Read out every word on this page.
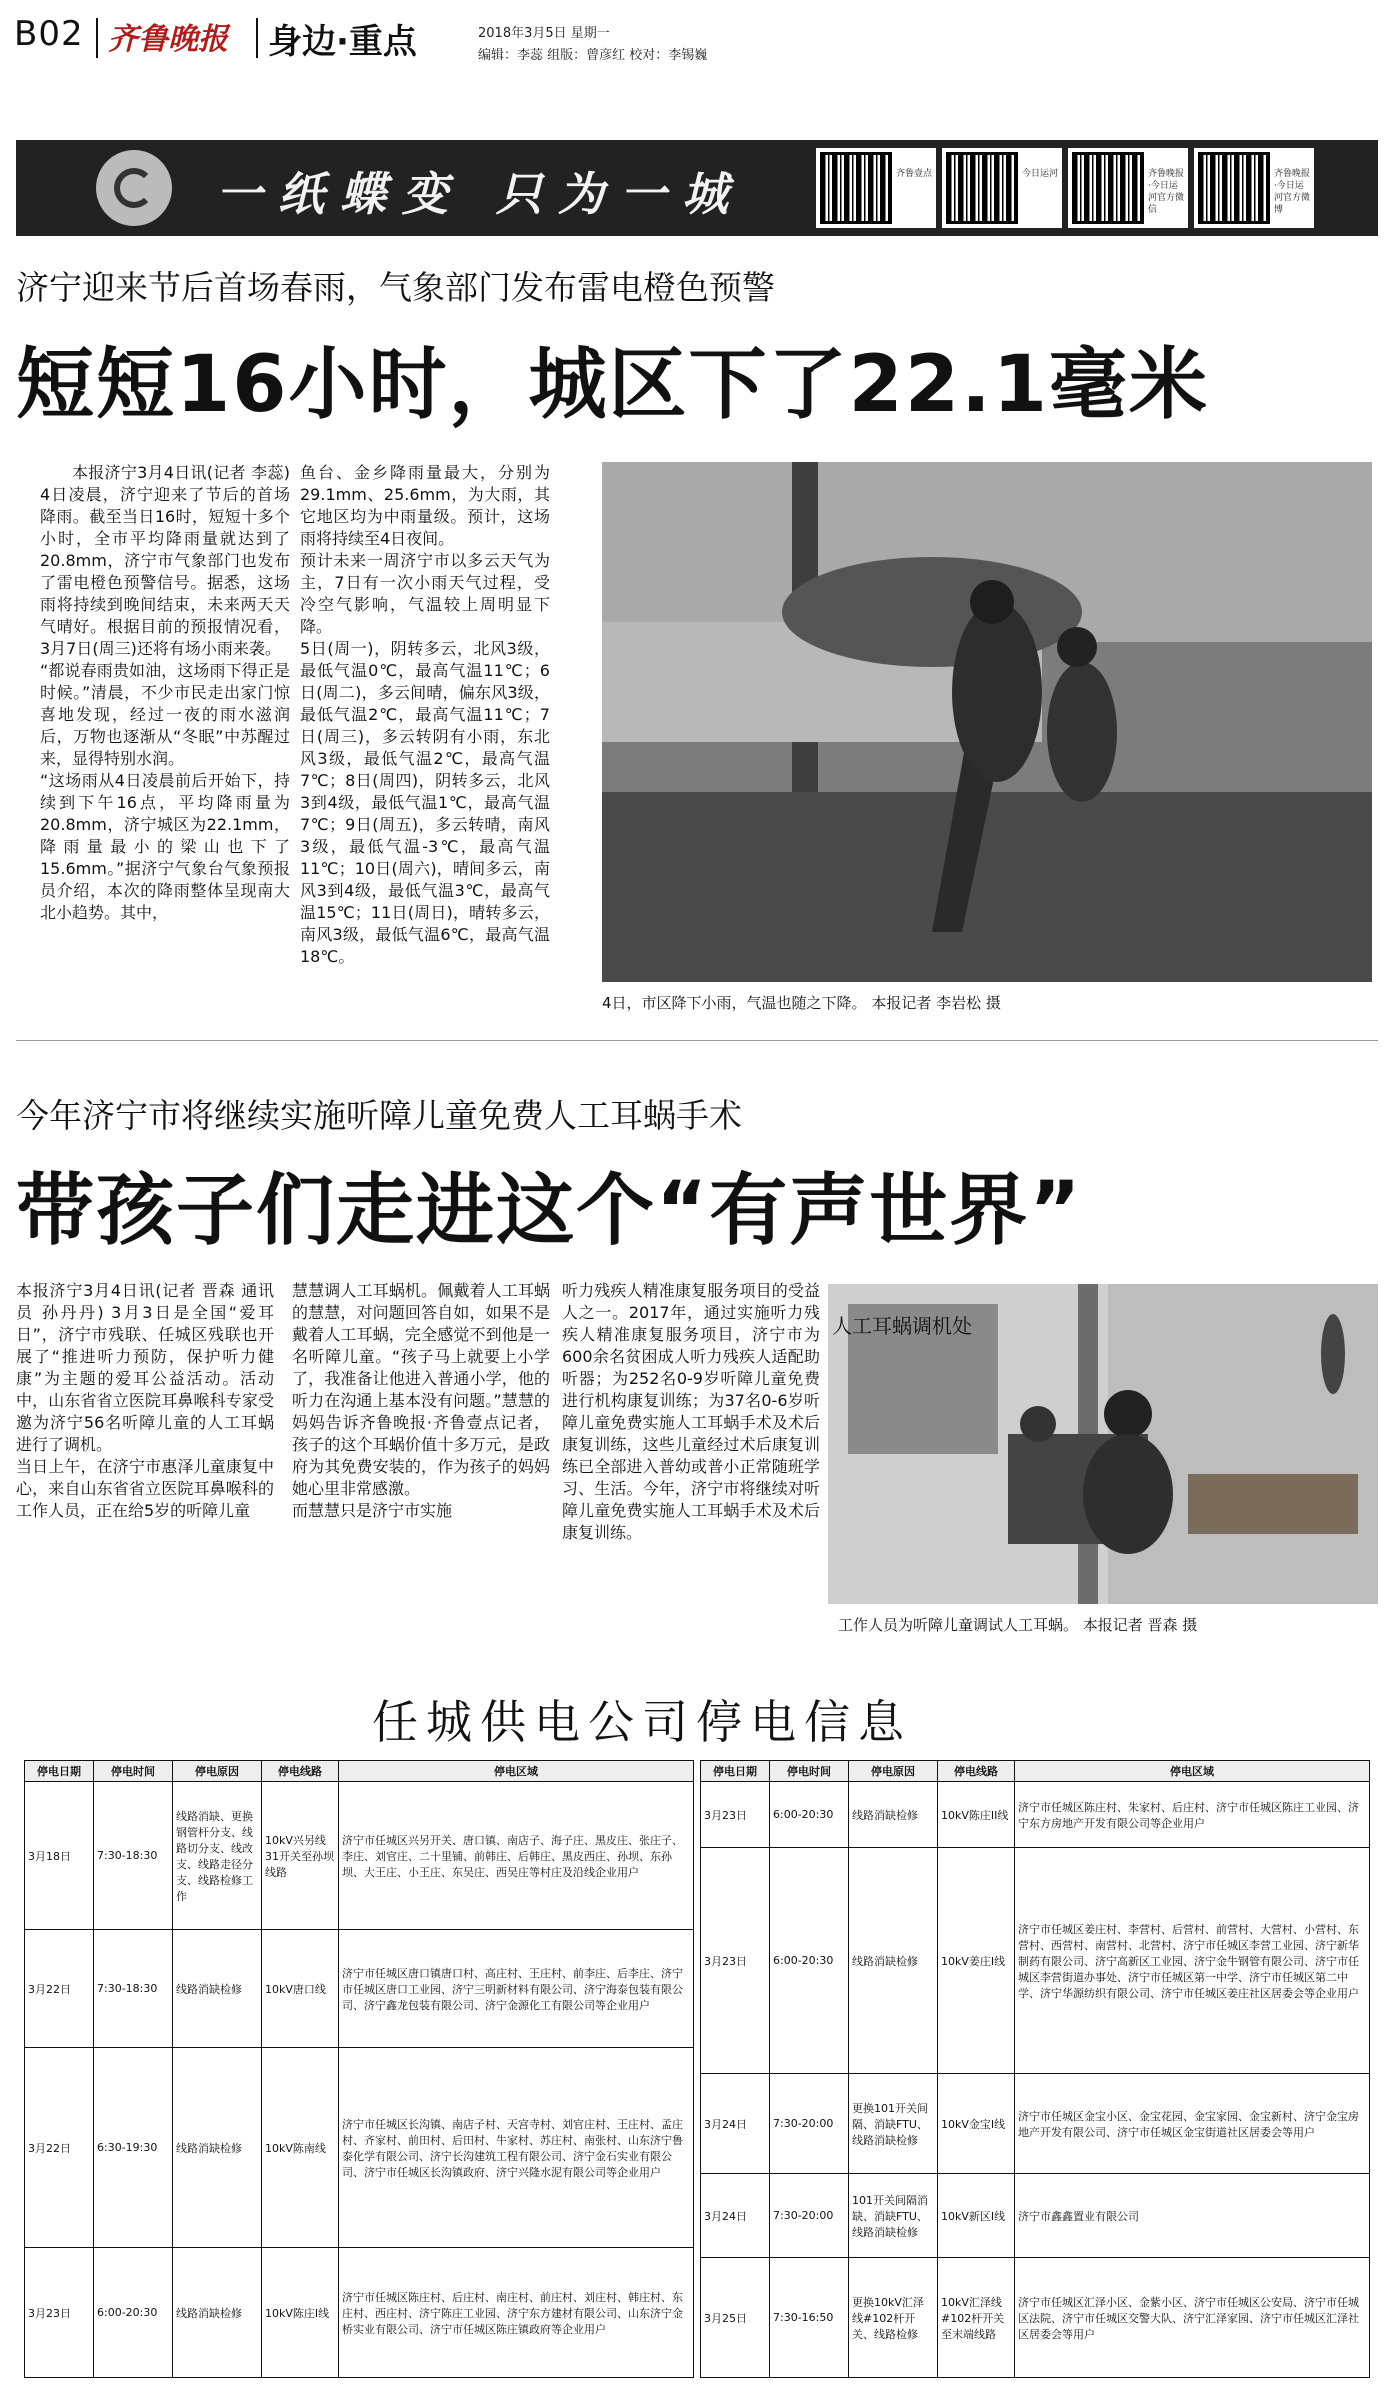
B02 齐鲁晚报 身边·重点	2018年3月5日 星期一
编辑：李蕊 组版：曾彦红 校对：李锡巍
一纸蝶变 只为一城	齐鲁壹点	今日运河	齐鲁晚报·今日运河官方微信
齐鲁晚报·今日运河官方微博
济宁迎来节后首场春雨，气象部门发布雷电橙色预警
短短16小时，城区下了22.1毫米
本报济宁3月4日讯(记者 李蕊) 4日凌晨，济宁迎来了节后的首场降雨。截至当日16时，短短十多个小时，全市平均降雨量就达到了20.8mm，济宁市气象部门也发布了雷电橙色预警信号。据悉，这场雨将持续到晚间结束，未来两天天气晴好。根据目前的预报情况看，3月7日(周三)还将有场小雨来袭。
“都说春雨贵如油，这场雨下得正是时候。”清晨，不少市民走出家门惊喜地发现，经过一夜的雨水滋润后，万物也逐渐从“冬眠”中苏醒过来，显得特别水润。
“这场雨从4日凌晨前后开始下，持续到下午16点，平均降雨量为20.8mm，济宁城区为22.1mm，降雨量最小的梁山也下了15.6mm。”据济宁气象台气象预报员介绍，本次的降雨整体呈现南大北小趋势。其中，
鱼台、金乡降雨量最大，分别为29.1mm、25.6mm，为大雨，其它地区均为中雨量级。预计，这场雨将持续至4日夜间。
预计未来一周济宁市以多云天气为主，7日有一次小雨天气过程，受冷空气影响，气温较上周明显下降。
5日(周一)，阴转多云，北风3级，最低气温0℃，最高气温11℃；6日(周二)，多云间晴，偏东风3级，最低气温2℃，最高气温11℃；7日(周三)，多云转阴有小雨，东北风3级，最低气温2℃，最高气温7℃；8日(周四)，阴转多云，北风3到4级，最低气温1℃，最高气温7℃；9日(周五)，多云转晴，南风3级，最低气温-3℃，最高气温11℃；10日(周六)，晴间多云，南风3到4级，最低气温3℃，最高气温15℃；11日(周日)，晴转多云，南风3级，最低气温6℃，最高气温18℃。
4日，市区降下小雨，气温也随之下降。 本报记者 李岩松 摄
今年济宁市将继续实施听障儿童免费人工耳蜗手术
带孩子们走进这个“有声世界”
本报济宁3月4日讯(记者 晋森 通讯员 孙丹丹) 3月3日是全国“爱耳日”，济宁市残联、任城区残联也开展了“推进听力预防，保护听力健康”为主题的爱耳公益活动。活动中，山东省省立医院耳鼻喉科专家受邀为济宁56名听障儿童的人工耳蜗进行了调机。
当日上午，在济宁市惠泽儿童康复中心，来自山东省省立医院耳鼻喉科的工作人员，正在给5岁的听障儿童
慧慧调人工耳蜗机。佩戴着人工耳蜗的慧慧，对问题回答自如，如果不是戴着人工耳蜗，完全感觉不到他是一名听障儿童。“孩子马上就要上小学了，我准备让他进入普通小学，他的听力在沟通上基本没有问题。”慧慧的妈妈告诉齐鲁晚报·齐鲁壹点记者，孩子的这个耳蜗价值十多万元，是政府为其免费安装的，作为孩子的妈妈她心里非常感激。
而慧慧只是济宁市实施
听力残疾人精准康复服务项目的受益人之一。2017年，通过实施听力残疾人精准康复服务项目，济宁市为600余名贫困成人听力残疾人适配助听器；为252名0-9岁听障儿童免费进行机构康复训练；为37名0-6岁听障儿童免费实施人工耳蜗手术及术后康复训练，这些儿童经过术后康复训练已全部进入普幼或普小正常随班学习、生活。今年，济宁市将继续对听障儿童免费实施人工耳蜗手术及术后康复训练。
人工耳蜗调机处
工作人员为听障儿童调试人工耳蜗。 本报记者 晋森 摄
任城供电公司停电信息
停电日期	停电时间	停电原因	停电线路	停电区域
3月18日	7:30-18:30	线路消缺、更换钢管杆分支、线路切分支、线改支、线路走径分支、线路检修工作	10kV兴另线31开关至孙坝线路	济宁市任城区兴另开关、唐口镇、南店子、海子庄、黑皮庄、张庄子、李庄、刘官庄、二十里铺、前韩庄、后韩庄、黑皮西庄、孙坝、东孙坝、大王庄、小王庄、东吴庄、西吴庄等村庄及沿线企业用户
3月22日	7:30-18:30	线路消缺检修	10kV唐口线	济宁市任城区唐口镇唐口村、高庄村、王庄村、前李庄、后李庄、济宁市任城区唐口工业园、济宁三明新材料有限公司、济宁海泰包装有限公司、济宁鑫龙包装有限公司、济宁金源化工有限公司等企业用户
3月22日	6:30-19:30	线路消缺检修	10kV陈南线	济宁市任城区长沟镇、南店子村、天宫寺村、刘官庄村、王庄村、孟庄村、齐家村、前田村、后田村、牛家村、苏庄村、南张村、山东济宁鲁泰化学有限公司、济宁长沟建筑工程有限公司、济宁金石实业有限公司、济宁市任城区长沟镇政府、济宁兴隆水泥有限公司等企业用户
3月23日	6:00-20:30	线路消缺检修	10kV陈庄I线	济宁市任城区陈庄村、后庄村、南庄村、前庄村、刘庄村、韩庄村、东庄村、西庄村、济宁陈庄工业园、济宁东方建材有限公司、山东济宁金桥实业有限公司、济宁市任城区陈庄镇政府等企业用户
停电日期	停电时间	停电原因	停电线路	停电区域
3月23日	6:00-20:30	线路消缺检修	10kV陈庄II线	济宁市任城区陈庄村、朱家村、后庄村、济宁市任城区陈庄工业园、济宁东方房地产开发有限公司等企业用户
3月23日	6:00-20:30	线路消缺检修	10kV姜庄I线	济宁市任城区姜庄村、李营村、后营村、前营村、大营村、小营村、东营村、西营村、南营村、北营村、济宁市任城区李营工业园、济宁新华制药有限公司、济宁高新区工业园、济宁金牛钢管有限公司、济宁市任城区李营街道办事处、济宁市任城区第一中学、济宁市任城区第二中学、济宁华源纺织有限公司、济宁市任城区姜庄社区居委会等企业用户
3月24日	7:30-20:00	更换101开关间隔、消缺FTU、线路消缺检修	10kV金宝I线	济宁市任城区金宝小区、金宝花园、金宝家园、金宝新村、济宁金宝房地产开发有限公司、济宁市任城区金宝街道社区居委会等用户
3月24日	7:30-20:00	101开关间隔消缺、消缺FTU、线路消缺检修	10kV新区I线	济宁市鑫鑫置业有限公司
3月25日	7:30-16:50	更换10kV汇泽线#102杆开关、线路检修	10kV汇泽线#102杆开关至末端线路	济宁市任城区汇泽小区、金紫小区、济宁市任城区公安局、济宁市任城区法院、济宁市任城区交警大队、济宁汇泽家园、济宁市任城区汇泽社区居委会等用户
